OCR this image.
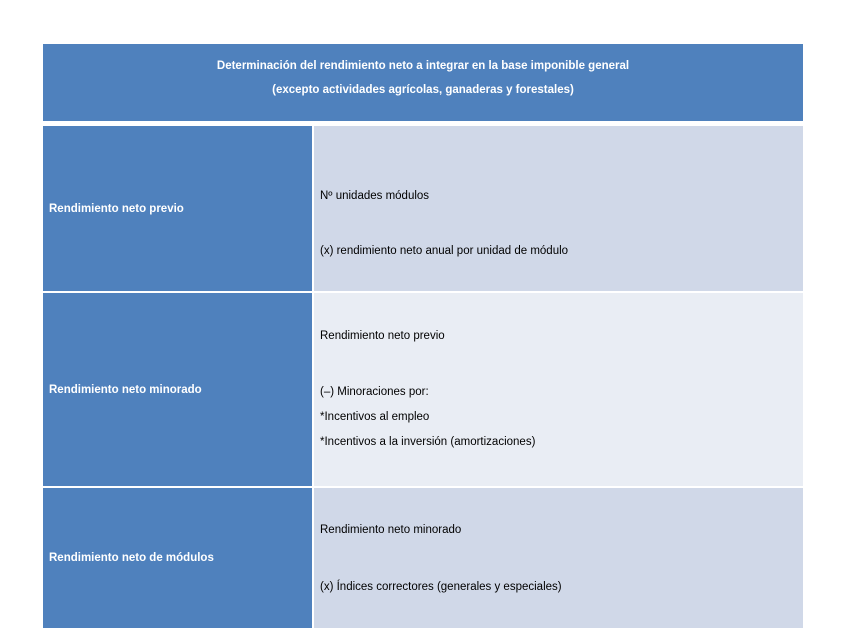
Determinación del rendimiento neto a integrar en la base imponible general
(excepto actividades agrícolas, ganaderas y forestales)
Rendimiento neto previo
Nº unidades módulos
(x) rendimiento neto anual por unidad de módulo
Rendimiento neto minorado
Rendimiento neto previo
(–) Minoraciones por:
*Incentivos al empleo
*Incentivos a la inversión (amortizaciones)
Rendimiento neto de módulos
Rendimiento neto minorado
(x) Índices correctores (generales y especiales)
